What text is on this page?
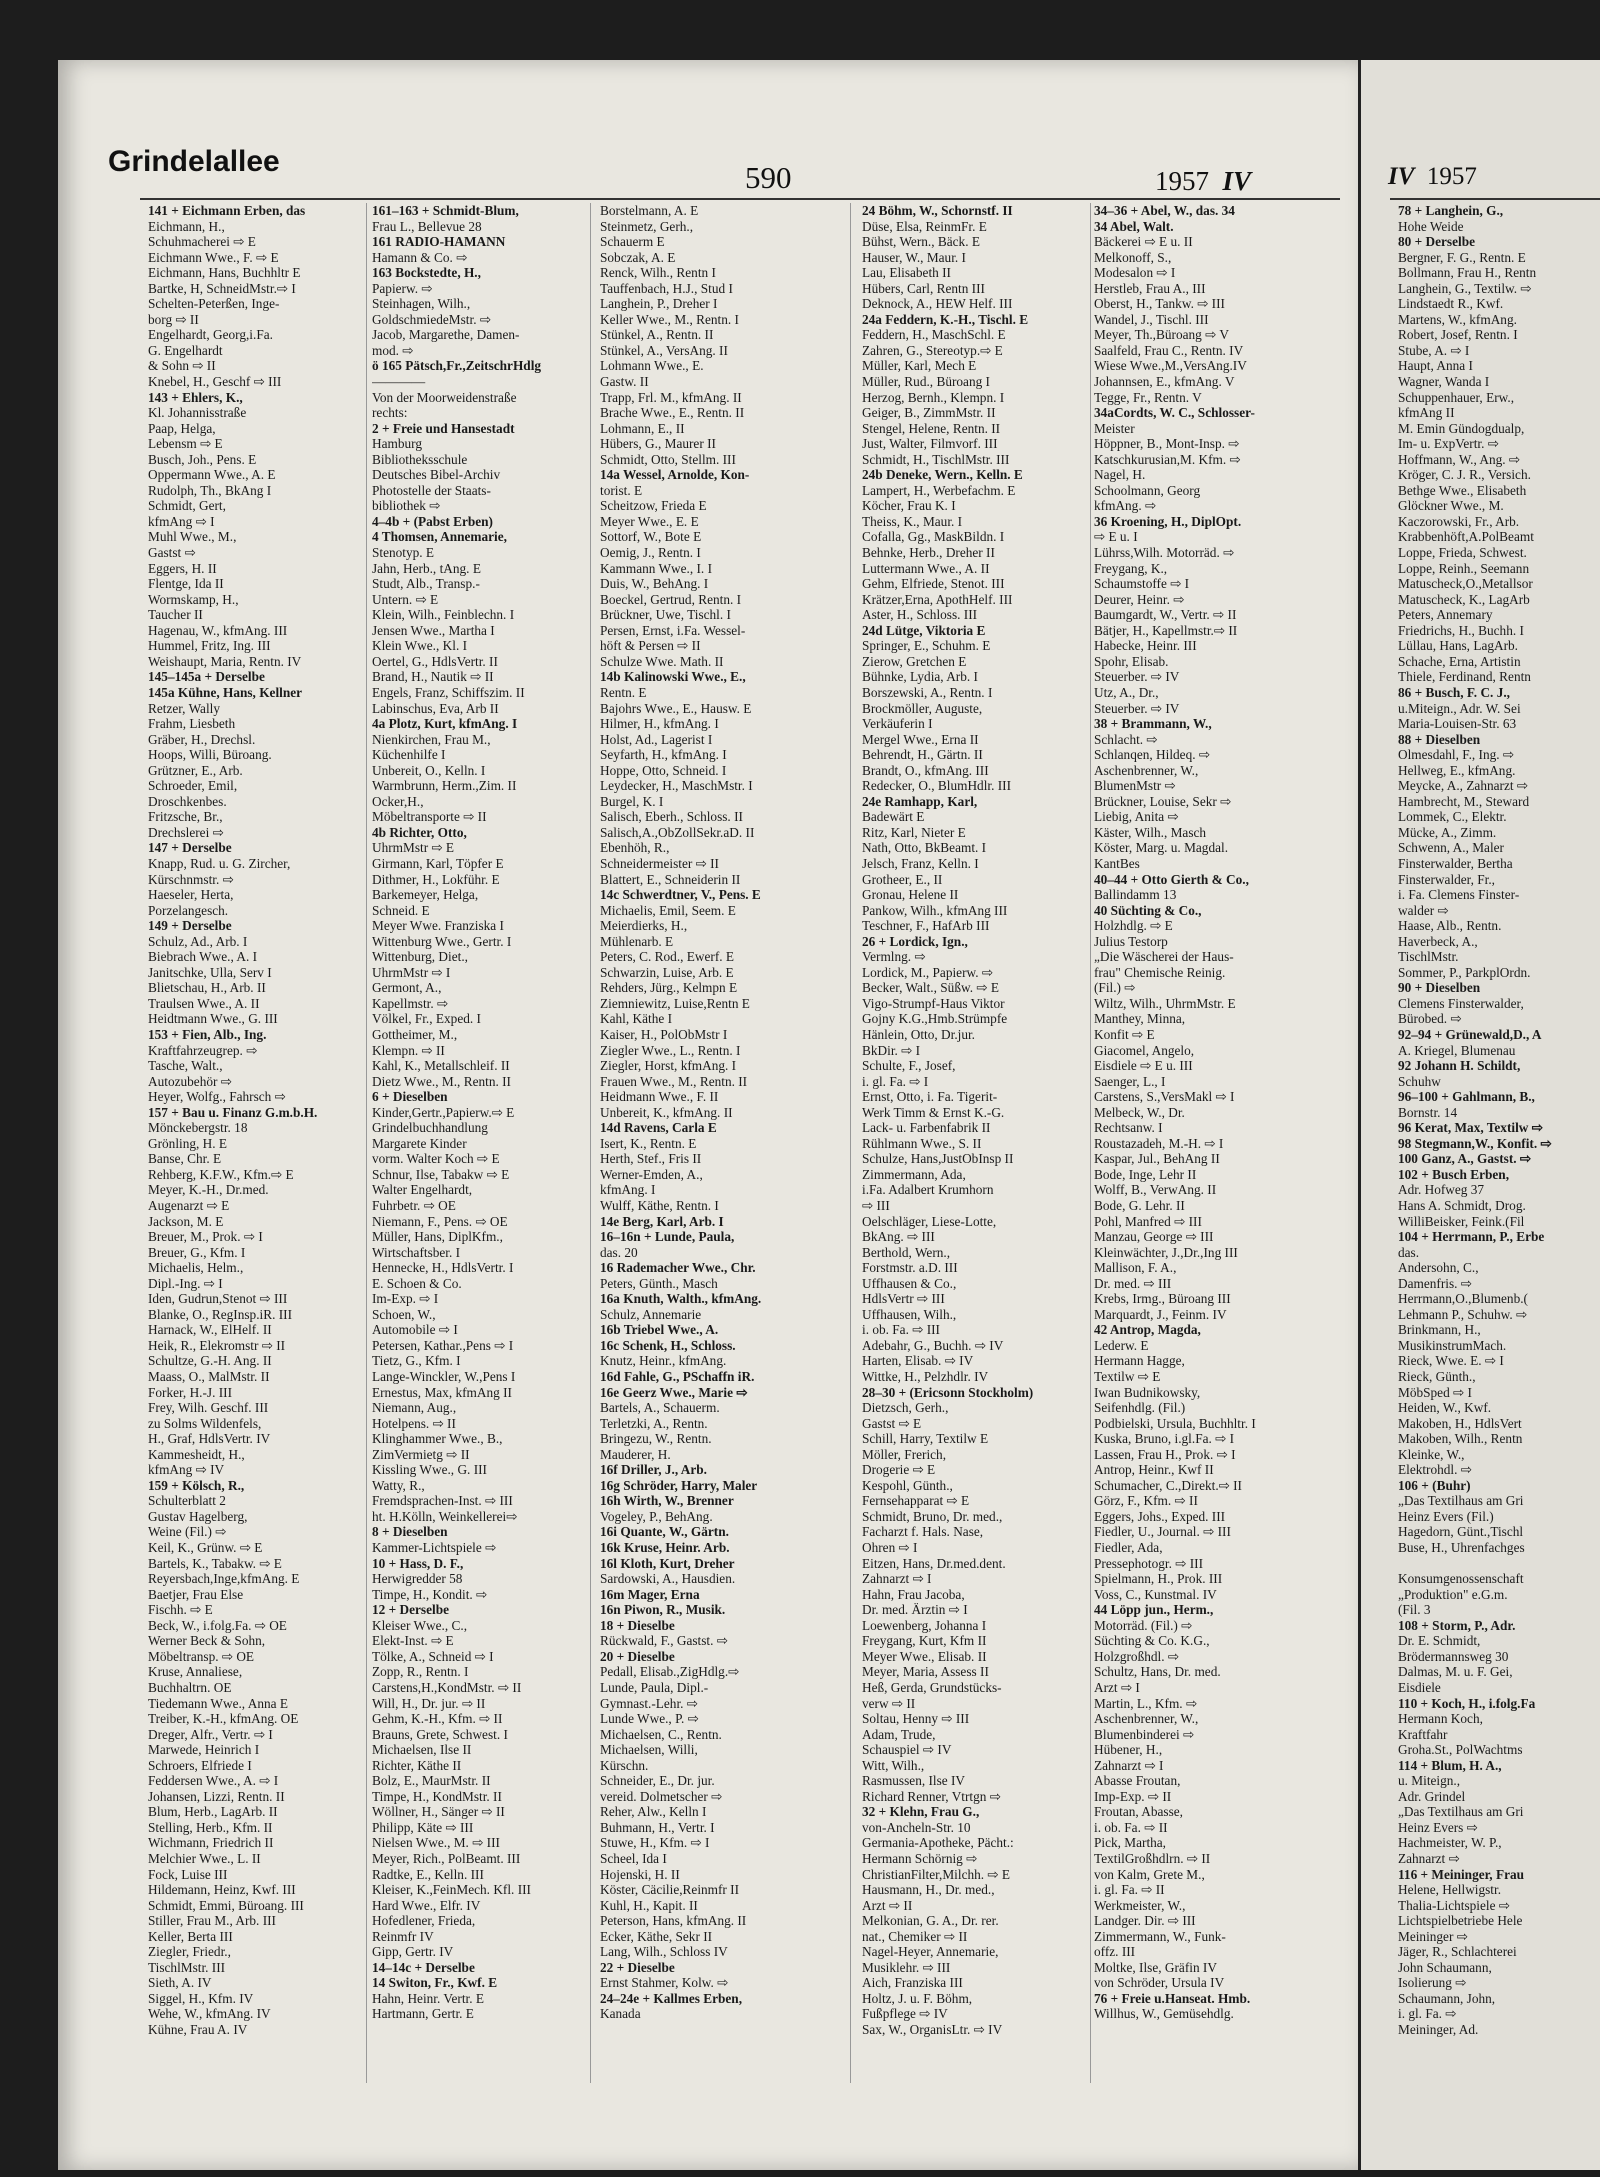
Grindelallee	590	1957 IV	IV 1957
141 + Eichmann Erben, das
Eichmann, H.,
Schuhmacherei ⇨ E
Eichmann Wwe., F. ⇨ E
Eichmann, Hans, Buchhltr E
Bartke, H, SchneidMstr.⇨ I
Schelten-Peterßen, Inge-
borg ⇨ II
Engelhardt, Georg,i.Fa.
G. Engelhardt
& Sohn ⇨ II
Knebel, H., Geschf ⇨ III
143 + Ehlers, K.,
Kl. Johannisstraße
Paap, Helga,
Lebensm ⇨ E
Busch, Joh., Pens. E
Oppermann Wwe., A. E
Rudolph, Th., BkAng I
Schmidt, Gert,
kfmAng ⇨ I
Muhl Wwe., M.,
Gastst ⇨
Eggers, H. II
Flentge, Ida II
Wormskamp, H.,
Taucher II
Hagenau, W., kfmAng. III
Hummel, Fritz, Ing. III
Weishaupt, Maria, Rentn. IV
145–145a + Derselbe
145a Kühne, Hans, Kellner
Retzer, Wally
Frahm, Liesbeth
Gräber, H., Drechsl.
Hoops, Willi, Büroang.
Grützner, E., Arb.
Schroeder, Emil,
Droschkenbes.
Fritzsche, Br.,
Drechslerei ⇨
147 + Derselbe
Knapp, Rud. u. G. Zircher,
Kürschnmstr. ⇨
Haeseler, Herta,
Porzelangesch.
149 + Derselbe
Schulz, Ad., Arb. I
Biebrach Wwe., A. I
Janitschke, Ulla, Serv I
Blietschau, H., Arb. II
Traulsen Wwe., A. II
Heidtmann Wwe., G. III
153 + Fien, Alb., Ing.
Kraftfahrzeugrep. ⇨
Tasche, Walt.,
Autozubehör ⇨
Heyer, Wolfg., Fahrsch ⇨
157 + Bau u. Finanz G.m.b.H.
Mönckebergstr. 18
Grönling, H. E
Banse, Chr. E
Rehberg, K.F.W., Kfm.⇨ E
Meyer, K.-H., Dr.med.
Augenarzt ⇨ E
Jackson, M. E
Breuer, M., Prok. ⇨ I
Breuer, G., Kfm. I
Michaelis, Helm.,
Dipl.-Ing. ⇨ I
Iden, Gudrun,Stenot ⇨ III
Blanke, O., RegInsp.iR. III
Harnack, W., ElHelf. II
Heik, R., Elekromstr ⇨ II
Schultze, G.-H. Ang. II
Maass, O., MalMstr. II
Forker, H.-J. III
Frey, Wilh. Geschf. III
zu Solms Wildenfels,
H., Graf, HdlsVertr. IV
Kammesheidt, H.,
kfmAng ⇨ IV
159 + Kölsch, R.,
Schulterblatt 2
Gustav Hagelberg,
Weine (Fil.) ⇨
Keil, K., Grünw. ⇨ E
Bartels, K., Tabakw. ⇨ E
Reyersbach,Inge,kfmAng. E
Baetjer, Frau Else
Fischh. ⇨ E
Beck, W., i.folg.Fa. ⇨ OE
Werner Beck & Sohn,
Möbeltransp. ⇨ OE
Kruse, Annaliese,
Buchhaltrn. OE
Tiedemann Wwe., Anna E
Treiber, K.-H., kfmAng. OE
Dreger, Alfr., Vertr. ⇨ I
Marwede, Heinrich I
Schroers, Elfriede I
Feddersen Wwe., A. ⇨ I
Johansen, Lizzi, Rentn. II
Blum, Herb., LagArb. II
Stelling, Herb., Kfm. II
Wichmann, Friedrich II
Melchier Wwe., L. II
Fock, Luise III
Hildemann, Heinz, Kwf. III
Schmidt, Emmi, Büroang. III
Stiller, Frau M., Arb. III
Keller, Berta III
Ziegler, Friedr.,
TischlMstr. III
Sieth, A. IV
Siggel, H., Kfm. IV
Wehe, W., kfmAng. IV
Kühne, Frau A. IV
161–163 + Schmidt-Blum,
Frau L., Bellevue 28
161 RADIO-HAMANN
Hamann & Co. ⇨
163 Bockstedte, H.,
Papierw. ⇨
Steinhagen, Wilh.,
GoldschmiedeMstr. ⇨
Jacob, Margarethe, Damen-
mod. ⇨
ö 165 Pätsch,Fr.,ZeitschrHdlg
————
Von der Moorweidenstraße
rechts:
2 + Freie und Hansestadt
Hamburg
Bibliotheksschule
Deutsches Bibel-Archiv
Photostelle der Staats-
bibliothek ⇨
4–4b + (Pabst Erben)
4 Thomsen, Annemarie,
Stenotyp. E
Jahn, Herb., tAng. E
Studt, Alb., Transp.-
Untern. ⇨ E
Klein, Wilh., Feinblechn. I
Jensen Wwe., Martha I
Klein Wwe., Kl. I
Oertel, G., HdlsVertr. II
Brand, H., Nautik ⇨ II
Engels, Franz, Schiffszim. II
Labinschus, Eva, Arb II
4a Plotz, Kurt, kfmAng. I
Nienkirchen, Frau M.,
Küchenhilfe I
Unbereit, O., Kelln. I
Warmbrunn, Herm.,Zim. II
Ocker,H.,
Möbeltransporte ⇨ II
4b Richter, Otto,
UhrmMstr ⇨ E
Girmann, Karl, Töpfer E
Dithmer, H., Lokführ. E
Barkemeyer, Helga,
Schneid. E
Meyer Wwe. Franziska I
Wittenburg Wwe., Gertr. I
Wittenburg, Diet.,
UhrmMstr ⇨ I
Germont, A.,
Kapellmstr. ⇨
Völkel, Fr., Exped. I
Gottheimer, M.,
Klempn. ⇨ II
Kahl, K., Metallschleif. II
Dietz Wwe., M., Rentn. II
6 + Dieselben
Kinder,Gertr.,Papierw.⇨ E
Grindelbuchhandlung
Margarete Kinder
vorm. Walter Koch ⇨ E
Schnur, Ilse, Tabakw ⇨ E
Walter Engelhardt,
Fuhrbetr. ⇨ OE
Niemann, F., Pens. ⇨ OE
Müller, Hans, DiplKfm.,
Wirtschaftsber. I
Hennecke, H., HdlsVertr. I
E. Schoen & Co.
Im-Exp. ⇨ I
Schoen, W.,
Automobile ⇨ I
Petersen, Kathar.,Pens ⇨ I
Tietz, G., Kfm. I
Lange-Winckler, W.,Pens I
Ernestus, Max, kfmAng II
Niemann, Aug.,
Hotelpens. ⇨ II
Klinghammer Wwe., B.,
ZimVermietg ⇨ II
Kissling Wwe., G. III
Watty, R.,
Fremdsprachen-Inst. ⇨ III
ht. H.Kölln, Weinkellerei⇨
8 + Dieselben
Kammer-Lichtspiele ⇨
10 + Hass, D. F.,
Herwigredder 58
Timpe, H., Kondit. ⇨
12 + Derselbe
Kleiser Wwe., C.,
Elekt-Inst. ⇨ E
Tölke, A., Schneid ⇨ I
Zopp, R., Rentn. I
Carstens,H.,KondMstr. ⇨ II
Will, H., Dr. jur. ⇨ II
Gehm, K.-H., Kfm. ⇨ II
Brauns, Grete, Schwest. I
Michaelsen, Ilse II
Richter, Käthe II
Bolz, E., MaurMstr. II
Timpe, H., KondMstr. II
Wöllner, H., Sänger ⇨ II
Philipp, Käte ⇨ III
Nielsen Wwe., M. ⇨ III
Meyer, Rich., PolBeamt. III
Radtke, E., Kelln. III
Kleiser, K.,FeinMech. Kfl. III
Hard Wwe., Elfr. IV
Hofedlener, Frieda,
Reinmfr IV
Gipp, Gertr. IV
14–14c + Derselbe
14 Switon, Fr., Kwf. E
Hahn, Heinr. Vertr. E
Hartmann, Gertr. E
Borstelmann, A. E
Steinmetz, Gerh.,
Schauerm E
Sobczak, A. E
Renck, Wilh., Rentn I
Tauffenbach, H.J., Stud I
Langhein, P., Dreher I
Keller Wwe., M., Rentn. I
Stünkel, A., Rentn. II
Stünkel, A., VersAng. II
Lohmann Wwe., E.
Gastw. II
Trapp, Frl. M., kfmAng. II
Brache Wwe., E., Rentn. II
Lohmann, E., II
Hübers, G., Maurer II
Schmidt, Otto, Stellm. III
14a Wessel, Arnolde, Kon-
torist. E
Scheitzow, Frieda E
Meyer Wwe., E. E
Sottorf, W., Bote E
Oemig, J., Rentn. I
Kammann Wwe., I. I
Duis, W., BehAng. I
Boeckel, Gertrud, Rentn. I
Brückner, Uwe, Tischl. I
Persen, Ernst, i.Fa. Wessel-
höft & Persen ⇨ II
Schulze Wwe. Math. II
14b Kalinowski Wwe., E.,
Rentn. E
Bajohrs Wwe., E., Hausw. E
Hilmer, H., kfmAng. I
Holst, Ad., Lagerist I
Seyfarth, H., kfmAng. I
Hoppe, Otto, Schneid. I
Leydecker, H., MaschMstr. I
Burgel, K. I
Salisch, Eberh., Schloss. II
Salisch,A.,ObZollSekr.aD. II
Ebenhöh, R.,
Schneidermeister ⇨ II
Blattert, E., Schneiderin II
14c Schwerdtner, V., Pens. E
Michaelis, Emil, Seem. E
Meierdierks, H.,
Mühlenarb. E
Peters, C. Rod., Ewerf. E
Schwarzin, Luise, Arb. E
Rehders, Jürg., Kelmpn E
Ziemniewitz, Luise,Rentn E
Kahl, Käthe I
Kaiser, H., PolObMstr I
Ziegler Wwe., L., Rentn. I
Ziegler, Horst, kfmAng. I
Frauen Wwe., M., Rentn. II
Heidmann Wwe., F. II
Unbereit, K., kfmAng. II
14d Ravens, Carla E
Isert, K., Rentn. E
Herth, Stef., Fris II
Werner-Emden, A.,
kfmAng. I
Wulff, Käthe, Rentn. I
14e Berg, Karl, Arb. I
16–16n + Lunde, Paula,
das. 20
16 Rademacher Wwe., Chr.
Peters, Günth., Masch
16a Knuth, Walth., kfmAng.
Schulz, Annemarie
16b Triebel Wwe., A.
16c Schenk, H., Schloss.
Knutz, Heinr., kfmAng.
16d Fahle, G., PSchaffn iR.
16e Geerz Wwe., Marie ⇨
Bartels, A., Schauerm.
Terletzki, A., Rentn.
Bringezu, W., Rentn.
Mauderer, H.
16f Driller, J., Arb.
16g Schröder, Harry, Maler
16h Wirth, W., Brenner
Vogeley, P., BehAng.
16i Quante, W., Gärtn.
16k Kruse, Heinr. Arb.
16l Kloth, Kurt, Dreher
Sardowski, A., Hausdien.
16m Mager, Erna
16n Piwon, R., Musik.
18 + Dieselbe
Rückwald, F., Gastst. ⇨
20 + Dieselbe
Pedall, Elisab.,ZigHdlg.⇨
Lunde, Paula, Dipl.-
Gymnast.-Lehr. ⇨
Lunde Wwe., P. ⇨
Michaelsen, C., Rentn.
Michaelsen, Willi,
Kürschn.
Schneider, E., Dr. jur.
vereid. Dolmetscher ⇨
Reher, Alw., Kelln I
Buhmann, H., Vertr. I
Stuwe, H., Kfm. ⇨ I
Scheel, Ida I
Hojenski, H. II
Köster, Cäcilie,Reinmfr II
Kuhl, H., Kapit. II
Peterson, Hans, kfmAng. II
Ecker, Käthe, Sekr II
Lang, Wilh., Schloss IV
22 + Dieselbe
Ernst Stahmer, Kolw. ⇨
24–24e + Kallmes Erben,
Kanada
24 Böhm, W., Schornstf. II
Düse, Elsa, ReinmFr. E
Bühst, Wern., Bäck. E
Hauser, W., Maur. I
Lau, Elisabeth II
Hübers, Carl, Rentn III
Deknock, A., HEW Helf. III
24a Feddern, K.-H., Tischl. E
Feddern, H., MaschSchl. E
Zahren, G., Stereotyp.⇨ E
Müller, Karl, Mech E
Müller, Rud., Büroang I
Herzog, Bernh., Klempn. I
Geiger, B., ZimmMstr. II
Stengel, Helene, Rentn. II
Just, Walter, Filmvorf. III
Schmidt, H., TischlMstr. III
24b Deneke, Wern., Kelln. E
Lampert, H., Werbefachm. E
Köcher, Frau K. I
Theiss, K., Maur. I
Cofalla, Gg., MaskBildn. I
Behnke, Herb., Dreher II
Luttermann Wwe., A. II
Gehm, Elfriede, Stenot. III
Krätzer,Erna, ApothHelf. III
Aster, H., Schloss. III
24d Lütge, Viktoria E
Springer, E., Schuhm. E
Zierow, Gretchen E
Bühnke, Lydia, Arb. I
Borszewski, A., Rentn. I
Brockmöller, Auguste,
Verkäuferin I
Mergel Wwe., Erna II
Behrendt, H., Gärtn. II
Brandt, O., kfmAng. III
Redecker, O., BlumHdlr. III
24e Ramhapp, Karl,
Badewärt E
Ritz, Karl, Nieter E
Nath, Otto, BkBeamt. I
Jelsch, Franz, Kelln. I
Grotheer, E., II
Gronau, Helene II
Pankow, Wilh., kfmAng III
Teschner, F., HafArb III
26 + Lordick, Ign.,
Vermlng. ⇨
Lordick, M., Papierw. ⇨
Becker, Walt., Süßw. ⇨ E
Vigo-Strumpf-Haus Viktor
Gojny K.G.,Hmb.Strümpfe
Hänlein, Otto, Dr.jur.
BkDir. ⇨ I
Schulte, F., Josef,
i. gl. Fa. ⇨ I
Ernst, Otto, i. Fa. Tigerit-
Werk Timm & Ernst K.-G.
Lack- u. Farbenfabrik II
Rühlmann Wwe., S. II
Schulze, Hans,JustObInsp II
Zimmermann, Ada,
i.Fa. Adalbert Krumhorn
⇨ III
Oelschläger, Liese-Lotte,
BkAng. ⇨ III
Berthold, Wern.,
Forstmstr. a.D. III
Uffhausen & Co.,
HdlsVertr ⇨ III
Uffhausen, Wilh.,
i. ob. Fa. ⇨ III
Adebahr, G., Buchh. ⇨ IV
Harten, Elisab. ⇨ IV
Wittke, H., Pelzhdlr. IV
28–30 + (Ericsonn Stockholm)
Dietzsch, Gerh.,
Gastst ⇨ E
Schill, Harry, Textilw E
Möller, Frerich,
Drogerie ⇨ E
Kespohl, Günth.,
Fernsehapparat ⇨ E
Schmidt, Bruno, Dr. med.,
Facharzt f. Hals. Nase,
Ohren ⇨ I
Eitzen, Hans, Dr.med.dent.
Zahnarzt ⇨ I
Hahn, Frau Jacoba,
Dr. med. Ärztin ⇨ I
Loewenberg, Johanna I
Freygang, Kurt, Kfm II
Meyer Wwe., Elisab. II
Meyer, Maria, Assess II
Heß, Gerda, Grundstücks-
verw ⇨ II
Soltau, Henny ⇨ III
Adam, Trude,
Schauspiel ⇨ IV
Witt, Wilh.,
Rasmussen, Ilse IV
Richard Renner, Vtrtgn ⇨
32 + Klehn, Frau G.,
von-Ancheln-Str. 10
Germania-Apotheke, Pächt.:
Hermann Schörnig ⇨
ChristianFilter,Milchh. ⇨ E
Hausmann, H., Dr. med.,
Arzt ⇨ II
Melkonian, G. A., Dr. rer.
nat., Chemiker ⇨ II
Nagel-Heyer, Annemarie,
Musiklehr. ⇨ III
Aich, Franziska III
Holtz, J. u. F. Böhm,
Fußpflege ⇨ IV
Sax, W., OrganisLtr. ⇨ IV
34–36 + Abel, W., das. 34
34 Abel, Walt.
Bäckerei ⇨ E u. II
Melkonoff, S.,
Modesalon ⇨ I
Herstleb, Frau A., III
Oberst, H., Tankw. ⇨ III
Wandel, J., Tischl. III
Meyer, Th.,Büroang ⇨ V
Saalfeld, Frau C., Rentn. IV
Wiese Wwe.,M.,VersAng.IV
Johannsen, E., kfmAng. V
Tegge, Fr., Rentn. V
34aCordts, W. C., Schlosser-
Meister
Höppner, B., Mont-Insp. ⇨
Katschkurusian,M. Kfm. ⇨
Nagel, H.
Schoolmann, Georg
kfmAng. ⇨
36 Kroening, H., DiplOpt.
⇨ E u. I
Lührss,Wilh. Motorräd. ⇨
Freygang, K.,
Schaumstoffe ⇨ I
Deurer, Heinr. ⇨
Baumgardt, W., Vertr. ⇨ II
Bätjer, H., Kapellmstr.⇨ II
Habecke, Heinr. III
Spohr, Elisab.
Steuerber. ⇨ IV
Utz, A., Dr.,
Steuerber. ⇨ IV
38 + Brammann, W.,
Schlacht. ⇨
Schlanqen, Hildeq. ⇨
Aschenbrenner, W.,
BlumenMstr ⇨
Brückner, Louise, Sekr ⇨
Liebig, Anita ⇨
Käster, Wilh., Masch
Köster, Marg. u. Magdal.
KantBes
40–44 + Otto Gierth & Co.,
Ballindamm 13
40 Süchting & Co.,
Holzhdlg. ⇨ E
Julius Testorp
„Die Wäscherei der Haus-
frau" Chemische Reinig.
(Fil.) ⇨
Wiltz, Wilh., UhrmMstr. E
Manthey, Minna,
Konfit ⇨ E
Giacomel, Angelo,
Eisdiele ⇨ E u. III
Saenger, L., I
Carstens, S.,VersMakl ⇨ I
Melbeck, W., Dr.
Rechtsanw. I
Roustazadeh, M.-H. ⇨ I
Kaspar, Jul., BehAng II
Bode, Inge, Lehr II
Wolff, B., VerwAng. II
Bode, G. Lehr. II
Pohl, Manfred ⇨ III
Manzau, George ⇨ III
Kleinwächter, J.,Dr.,Ing III
Mallison, F. A.,
Dr. med. ⇨ III
Krebs, Irmg., Büroang III
Marquardt, J., Feinm. IV
42 Antrop, Magda,
Lederw. E
Hermann Hagge,
Textilw ⇨ E
Iwan Budnikowsky,
Seifenhdlg. (Fil.)
Podbielski, Ursula, Buchhltr. I
Kuska, Bruno, i.gl.Fa. ⇨ I
Lassen, Frau H., Prok. ⇨ I
Antrop, Heinr., Kwf II
Schumacher, C.,Direkt.⇨ II
Görz, F., Kfm. ⇨ II
Eggers, Johs., Exped. III
Fiedler, U., Journal. ⇨ III
Fiedler, Ada,
Pressephotogr. ⇨ III
Spielmann, H., Prok. III
Voss, C., Kunstmal. IV
44 Löpp jun., Herm.,
Motorräd. (Fil.) ⇨
Süchting & Co. K.G.,
Holzgroßhdl. ⇨
Schultz, Hans, Dr. med.
Arzt ⇨ I
Martin, L., Kfm. ⇨
Aschenbrenner, W.,
Blumenbinderei ⇨
Hübener, H.,
Zahnarzt ⇨ I
Abasse Froutan,
Imp-Exp. ⇨ II
Froutan, Abasse,
i. ob. Fa. ⇨ II
Pick, Martha,
TextilGroßhdlrn. ⇨ II
von Kalm, Grete M.,
i. gl. Fa. ⇨ II
Werkmeister, W.,
Landger. Dir. ⇨ III
Zimmermann, W., Funk-
offz. III
Moltke, Ilse, Gräfin IV
von Schröder, Ursula IV
76 + Freie u.Hanseat. Hmb.
Willhus, W., Gemüsehdlg.
78 + Langhein, G.,
Hohe Weide
80 + Derselbe
Bergner, F. G., Rentn. E
Bollmann, Frau H., Rentn
Langhein, G., Textilw. ⇨
Lindstaedt R., Kwf.
Martens, W., kfmAng.
Robert, Josef, Rentn. I
Stube, A. ⇨ I
Haupt, Anna I
Wagner, Wanda I
Schuppenhauer, Erw.,
kfmAng II
M. Emin Gündogdualp,
Im- u. ExpVertr. ⇨
Hoffmann, W., Ang. ⇨
Kröger, C. J. R., Versich.
Bethge Wwe., Elisabeth
Glöckner Wwe., M.
Kaczorowski, Fr., Arb.
Krabbenhöft,A.PolBeamt
Loppe, Frieda, Schwest.
Loppe, Reinh., Seemann
Matuscheck,O.,Metallsor
Matuscheck, K., LagArb
Peters, Annemary
Friedrichs, H., Buchh. I
Lüllau, Hans, LagArb.
Schache, Erna, Artistin
Thiele, Ferdinand, Rentn
86 + Busch, F. C. J.,
u.Miteign., Adr. W. Sei
Maria-Louisen-Str. 63
88 + Dieselben
Olmesdahl, F., Ing. ⇨
Hellweg, E., kfmAng.
Meycke, A., Zahnarzt ⇨
Hambrecht, M., Steward
Lommek, C., Elektr.
Mücke, A., Zimm.
Schwenn, A., Maler
Finsterwalder, Bertha
Finsterwalder, Fr.,
i. Fa. Clemens Finster-
walder ⇨
Haase, Alb., Rentn.
Haverbeck, A.,
TischlMstr.
Sommer, P., ParkplOrdn.
90 + Dieselben
Clemens Finsterwalder,
Bürobed. ⇨
92–94 + Grünewald,D., A
A. Kriegel, Blumenau
92 Johann H. Schildt,
Schuhw
96–100 + Gahlmann, B.,
Bornstr. 14
96 Kerat, Max, Textilw ⇨
98 Stegmann,W., Konfit. ⇨
100 Ganz, A., Gastst. ⇨
102 + Busch Erben,
Adr. Hofweg 37
Hans A. Schmidt, Drog.
WilliBeisker, Feink.(Fil
104 + Herrmann, P., Erbe
das.
Andersohn, C.,
Damenfris. ⇨
Herrmann,O.,Blumenb.(
Lehmann P., Schuhw. ⇨
Brinkmann, H.,
MusikinstrumMach.
Rieck, Wwe. E. ⇨ I
Rieck, Günth.,
MöbSped ⇨ I
Heiden, W., Kwf.
Makoben, H., HdlsVert
Makoben, Wilh., Rentn
Kleinke, W.,
Elektrohdl. ⇨
106 + (Buhr)
„Das Textilhaus am Gri
Heinz Evers (Fil.)
Hagedorn, Günt.,Tischl
Buse, H., Uhrenfachges
Konsumgenossenschaft
„Produktion" e.G.m.
(Fil. 3
108 + Storm, P., Adr.
Dr. E. Schmidt,
Brödermannsweg 30
Dalmas, M. u. F. Gei,
Eisdiele
110 + Koch, H., i.folg.Fa
Hermann Koch,
Kraftfahr
Groha.St., PolWachtms
114 + Blum, H. A.,
u. Miteign.,
Adr. Grindel
„Das Textilhaus am Gri
Heinz Evers ⇨
Hachmeister, W. P.,
Zahnarzt ⇨
116 + Meininger, Frau
Helene, Hellwigstr.
Thalia-Lichtspiele ⇨
Lichtspielbetriebe Hele
Meininger ⇨
Jäger, R., Schlachterei
John Schaumann,
Isolierung ⇨
Schaumann, John,
i. gl. Fa. ⇨
Meininger, Ad.
